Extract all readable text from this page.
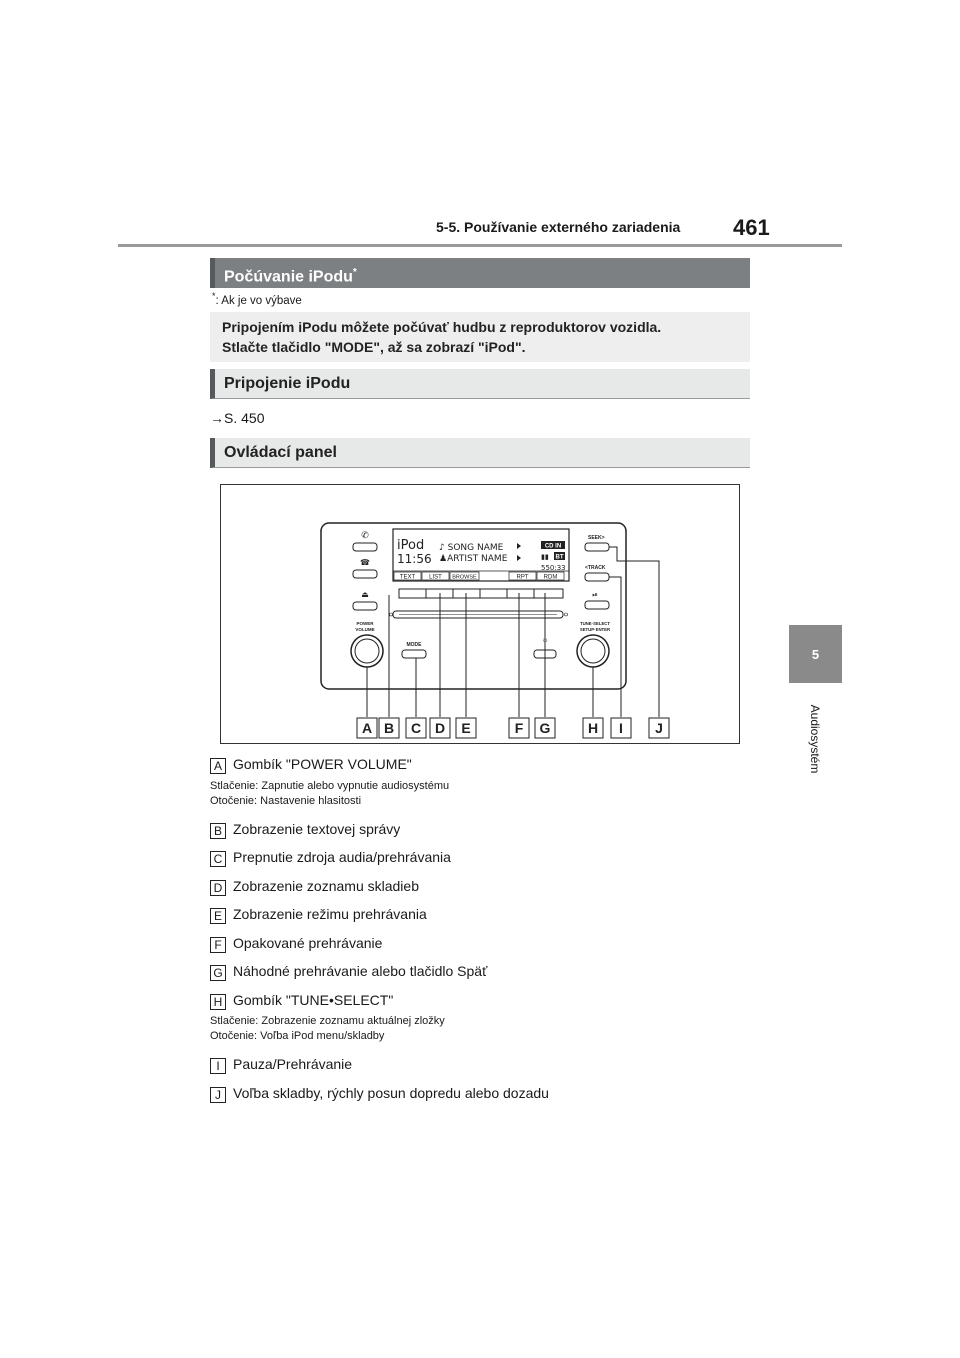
5-5. Používanie externého zariadenia 461
5
Audiosystém
Počúvanie iPodu*
*: Ak je vo výbave
Pripojením iPodu môžete počúvať hudbu z reproduktorov vozidla.
Stlačte tlačidlo "MODE", až sa zobrazí "iPod".
Pripojenie iPodu
→S. 450
Ovládací panel
✆
☎
⏏
POWER
VOLUME
iPod
11:56
♪ SONG NAME
♟ARTIST NAME
CD IN
▮▮ BT
550:33
TEXT LIST BROWSE	RPT	RDM
MODE
☼
SEEK>
<TRACK
⏯
TUNE·SELECT
SETUP·ENTER
A B C D E	F G	H I J
A Gombík "POWER VOLUME"
Stlačenie: Zapnutie alebo vypnutie audiosystému
Otočenie: Nastavenie hlasitosti
B Zobrazenie textovej správy
C Prepnutie zdroja audia/prehrávania
D Zobrazenie zoznamu skladieb
E Zobrazenie režimu prehrávania
F Opakované prehrávanie
G Náhodné prehrávanie alebo tlačidlo Späť
H Gombík "TUNE•SELECT"
Stlačenie: Zobrazenie zoznamu aktuálnej zložky
Otočenie: Voľba iPod menu/skladby
I Pauza/Prehrávanie
J Voľba skladby, rýchly posun dopredu alebo dozadu
